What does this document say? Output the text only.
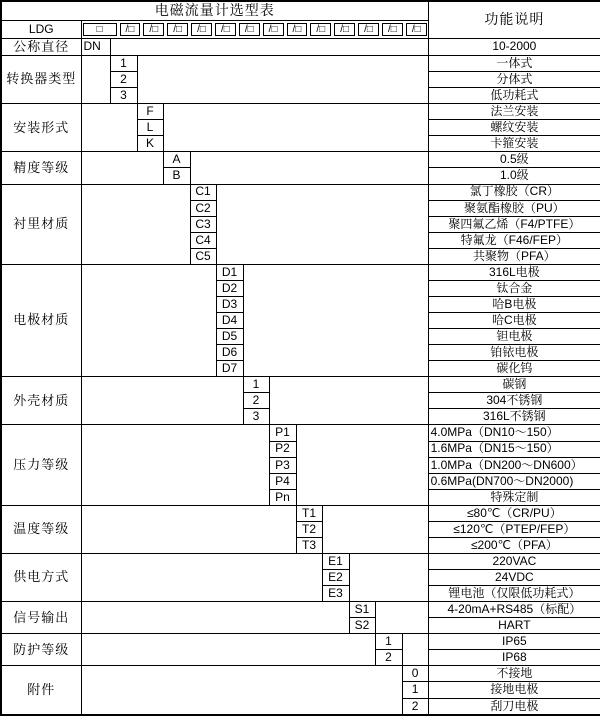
电磁流量计选型表														功能说明
LDG	□	/□	/□	/□	/□	/□	/□	/□	/□	/□	/□	/□	/□	/□

公称直径	DN													10-2000
转换器类型		1												一体式
		2												分体式
		3												低功耗式
安装形式			F											法兰安装
			L											螺纹安装
			K											卡箍安装
精度等级				A										0.5级
				B										1.0级
衬里材质					C1									氯丁橡胶（CR）
					C2									聚氨酯橡胶（PU）
					C3									聚四氟乙烯（F4/PTFE）
					C4									特氟龙（F46/FEP）
					C5									共聚物（PFA）
电极材质						D1								316L电极
						D2								钛合金
						D3								哈B电极
						D4								哈C电极
						D5								钽电极
						D6								铂铱电极
						D7								碳化钨
外壳材质							1							碳钢
							2							304不锈钢
							3							316L不锈钢
压力等级								P1						4.0MPa（DN10～150）
								P2						1.6MPa（DN15～150）
								P3						1.0MPa（DN200～DN600）
								P4						0.6MPa(DN700～DN2000)
								Pn						特殊定制
温度等级									T1					≤80℃（CR/PU）
									T2					≤120℃（PTEP/FEP）
									T3					≤200℃（PFA）
供电方式										E1				220VAC
										E2				24VDC
										E3				锂电池（仅限低功耗式）
信号输出											S1			4-20mA+RS485（标配）
											S2			HART
防护等级												1		IP65
												2		IP68
附件													0	不接地
													1	接地电极
													2	刮刀电极
